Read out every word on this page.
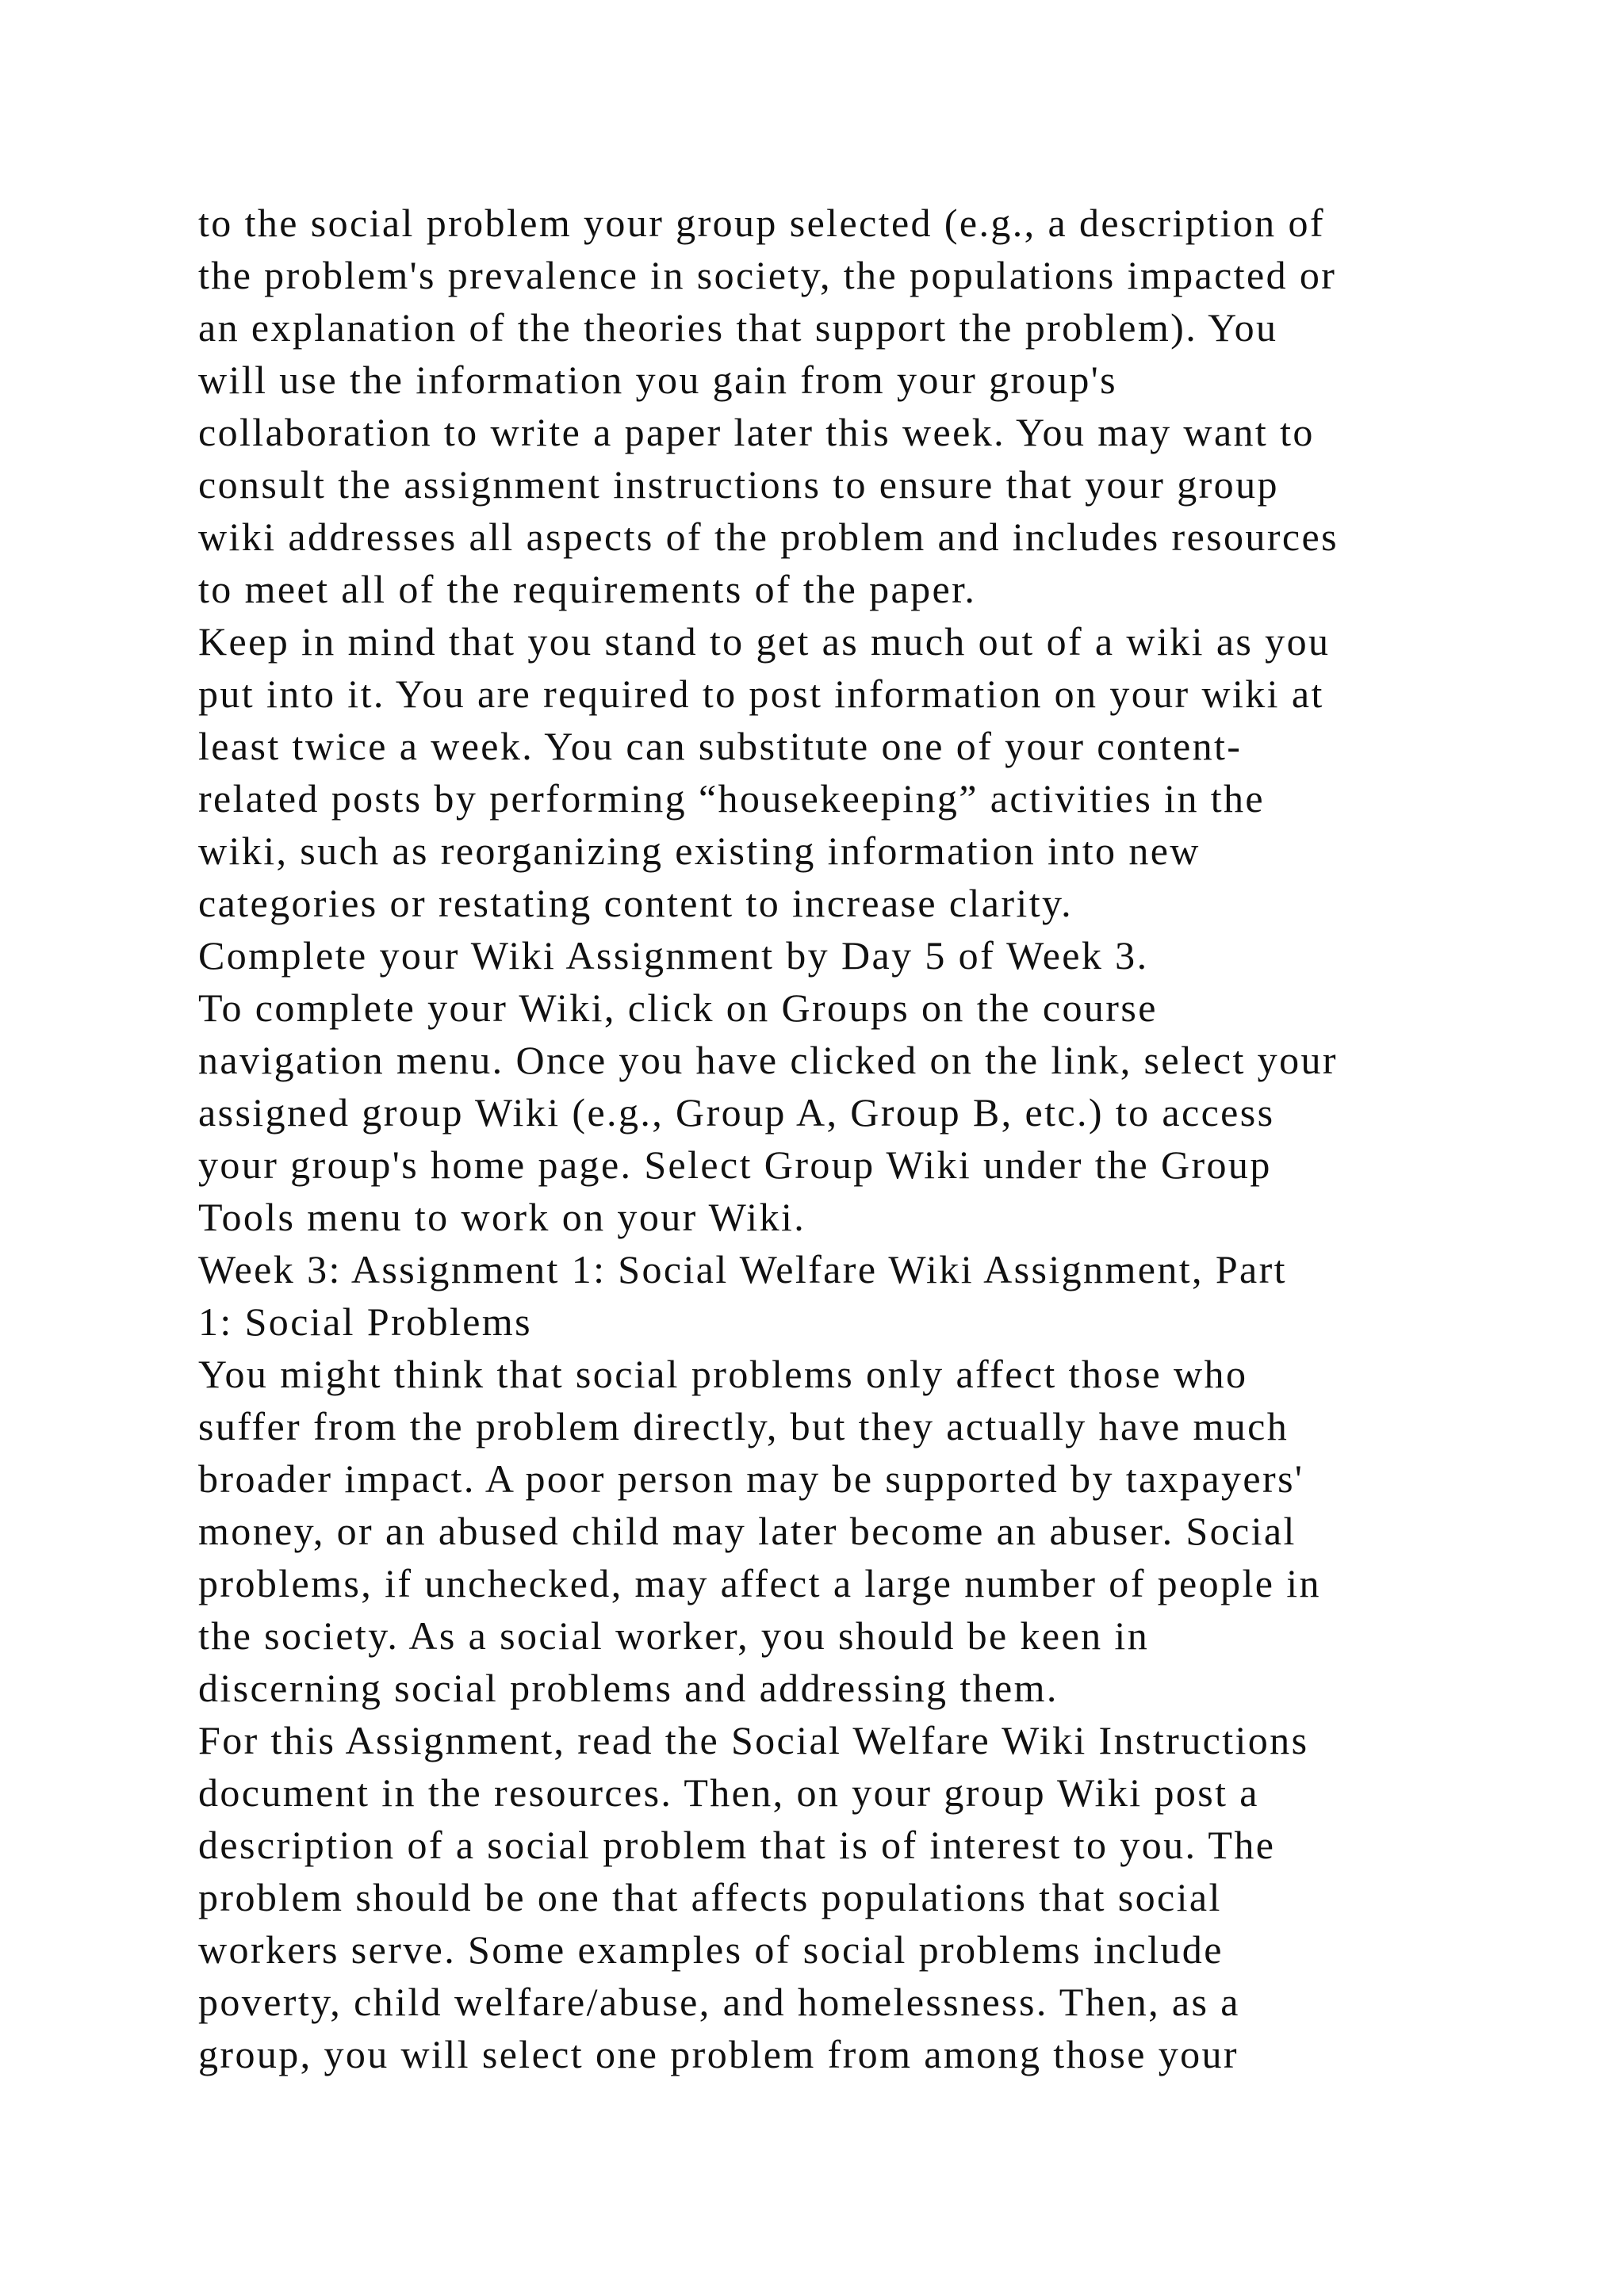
to the social problem your group selected (e.g., a description of
the problem's prevalence in society, the populations impacted or
an explanation of the theories that support the problem). You
will use the information you gain from your group's
collaboration to write a paper later this week. You may want to
consult the assignment instructions to ensure that your group
wiki addresses all aspects of the problem and includes resources
to meet all of the requirements of the paper.
Keep in mind that you stand to get as much out of a wiki as you
put into it. You are required to post information on your wiki at
least twice a week. You can substitute one of your content-
related posts by performing “housekeeping” activities in the
wiki, such as reorganizing existing information into new
categories or restating content to increase clarity.
Complete your Wiki Assignment by Day 5 of Week 3.
To complete your Wiki, click on Groups on the course
navigation menu. Once you have clicked on the link, select your
assigned group Wiki (e.g., Group A, Group B, etc.) to access
your group's home page. Select Group Wiki under the Group
Tools menu to work on your Wiki.
Week 3: Assignment 1: Social Welfare Wiki Assignment, Part
1: Social Problems
You might think that social problems only affect those who
suffer from the problem directly, but they actually have much
broader impact. A poor person may be supported by taxpayers'
money, or an abused child may later become an abuser. Social
problems, if unchecked, may affect a large number of people in
the society. As a social worker, you should be keen in
discerning social problems and addressing them.
For this Assignment, read the Social Welfare Wiki Instructions
document in the resources. Then, on your group Wiki post a
description of a social problem that is of interest to you. The
problem should be one that affects populations that social
workers serve. Some examples of social problems include
poverty, child welfare/abuse, and homelessness. Then, as a
group, you will select one problem from among those your
